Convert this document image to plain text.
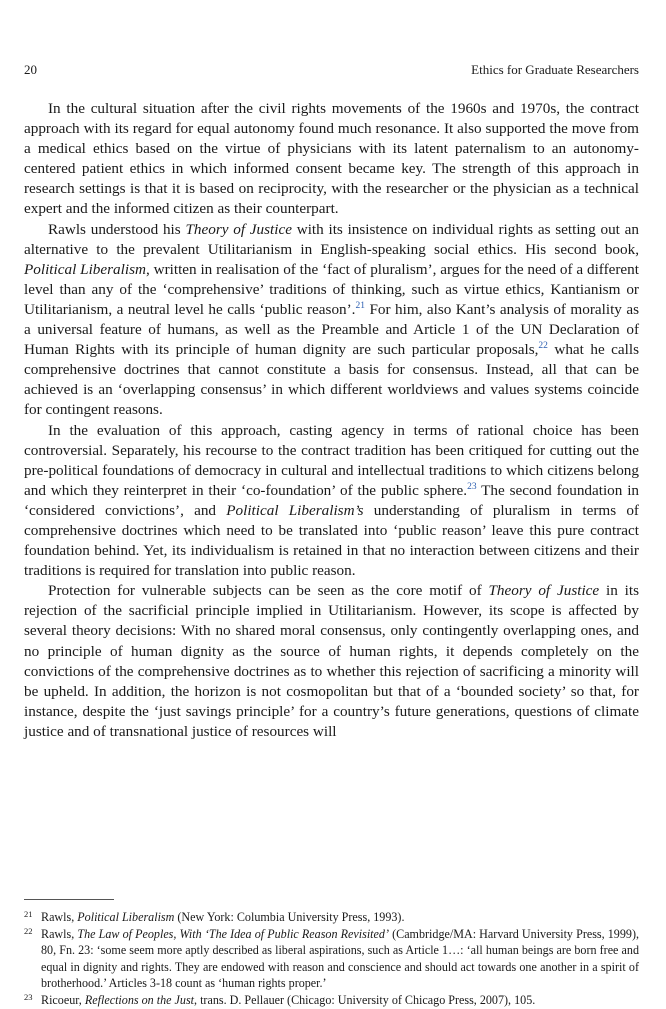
20	Ethics for Graduate Researchers

In the cultural situation after the civil rights movements of the 1960s and 1970s, the contract approach with its regard for equal autonomy found much resonance. It also supported the move from a medical ethics based on the virtue of physicians with its latent paternalism to an autonomy-centered patient ethics in which informed consent became key. The strength of this approach in research settings is that it is based on reciprocity, with the researcher or the physician as a technical expert and the informed citizen as their counterpart.

Rawls understood his Theory of Justice with its insistence on individual rights as setting out an alternative to the prevalent Utilitarianism in English-speaking social ethics. His second book, Political Liberalism, written in realisation of the ‘fact of pluralism’, argues for the need of a different level than any of the ‘comprehensive’ traditions of thinking, such as virtue ethics, Kantianism or Utilitarianism, a neutral level he calls ‘public reason’.$^{21}$ For him, also Kant’s analysis of morality as a universal feature of humans, as well as the Preamble and Article 1 of the UN Declaration of Human Rights with its principle of human dignity are such particular proposals,$^{22}$ what he calls comprehensive doctrines that cannot constitute a basis for consensus. Instead, all that can be achieved is an ‘overlapping consensus’ in which different worldviews and values systems coincide for contingent reasons.

In the evaluation of this approach, casting agency in terms of rational choice has been controversial. Separately, his recourse to the contract tradition has been critiqued for cutting out the pre-political foundations of democracy in cultural and intellectual traditions to which citizens belong and which they reinterpret in their ‘co-foundation’ of the public sphere.$^{23}$ The second foundation in ‘considered convictions’, and Political Liberalism’s understanding of pluralism in terms of comprehensive doctrines which need to be translated into ‘public reason’ leave this pure contract foundation behind. Yet, its individualism is retained in that no interaction between citizens and their traditions is required for translation into public reason.

Protection for vulnerable subjects can be seen as the core motif of Theory of Justice in its rejection of the sacrificial principle implied in Utilitarianism. However, its scope is affected by several theory decisions: With no shared moral consensus, only contingently overlapping ones, and no principle of human dignity as the source of human rights, it depends completely on the convictions of the comprehensive doctrines as to whether this rejection of sacrificing a minority will be upheld. In addition, the horizon is not cosmopolitan but that of a ‘bounded society’ so that, for instance, despite the ‘just savings principle’ for a country’s future generations, questions of climate justice and of transnational justice of resources will

21 Rawls, Political Liberalism (New York: Columbia University Press, 1993).

22 Rawls, The Law of Peoples, With ‘The Idea of Public Reason Revisited’ (Cambridge/MA: Harvard University Press, 1999), 80, Fn. 23: ‘some seem more aptly described as liberal aspirations, such as Article 1…: ‘all human beings are born free and equal in dignity and rights. They are endowed with reason and conscience and should act towards one another in a spirit of brotherhood.’ Articles 3-18 count as ‘human rights proper.’

23 Ricoeur, Reflections on the Just, trans. D. Pellauer (Chicago: University of Chicago Press, 2007), 105.
